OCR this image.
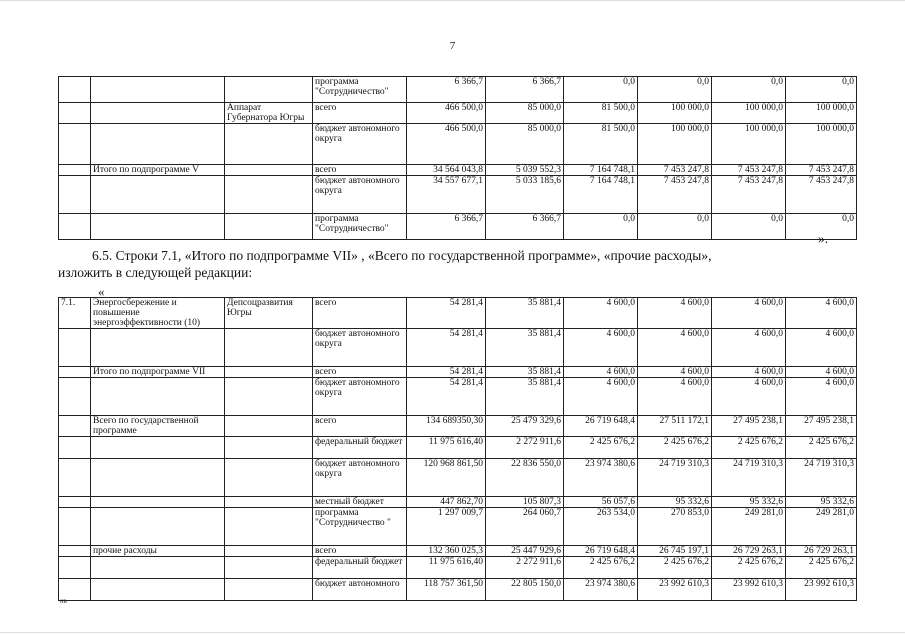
7
			программа "Сотрудничество"	6 366,7	6 366,7	0,0	0,0	0,0	0,0
		Аппарат Губернатора Югры	всего	466 500,0	85 000,0	81 500,0	100 000,0	100 000,0	100 000,0
			бюджет автономного округа	466 500,0	85 000,0	81 500,0	100 000,0	100 000,0	100 000,0
	Итого по подпрограмме V		всего	34 564 043,8	5 039 552,3	7 164 748,1	7 453 247,8	7 453 247,8	7 453 247,8
			бюджет автономного округа	34 557 677,1	5 033 185,6	7 164 748,1	7 453 247,8	7 453 247,8	7 453 247,8
			программа "Сотрудничество"	6 366,7	6 366,7	0,0	0,0	0,0	0,0
».
6.5. Строки 7.1, «Итого по подпрограмме VII» , «Всего по государственной программе», «прочие расходы»,
изложить в следующей редакции:
«
7.1.	Энергосбережение и повышение энергоэффективности (10)	Депсоцразвития Югры	всего	54 281,4	35 881,4	4 600,0	4 600,0	4 600,0	4 600,0
			бюджет автономного округа	54 281,4	35 881,4	4 600,0	4 600,0	4 600,0	4 600,0
	Итого по подпрограмме VII		всего	54 281,4	35 881,4	4 600,0	4 600,0	4 600,0	4 600,0
			бюджет автономного округа	54 281,4	35 881,4	4 600,0	4 600,0	4 600,0	4 600,0
	Всего по государственной программе		всего	134 689350,30	25 479 329,6	26 719 648,4	27 511 172,1	27 495 238,1	27 495 238,1
			федеральный бюджет	11 975 616,40	2 272 911,6	2 425 676,2	2 425 676,2	2 425 676,2	2 425 676,2
			бюджет автономного округа	120 968 861,50	22 836 550,0	23 974 380,6	24 719 310,3	24 719 310,3	24 719 310,3
			местный бюджет	447 862,70	105 807,3	56 057,6	95 332,6	95 332,6	95 332,6
			программа "Сотрудничество "	1 297 009,7	264 060,7	263 534,0	270 853,0	249 281,0	249 281,0
	прочие расходы		всего	132 360 025,3	25 447 929,6	26 719 648,4	26 745 197,1	26 729 263,1	26 729 263,1
			федеральный бюджет	11 975 616,40	2 272 911,6	2 425 676,2	2 425 676,2	2 425 676,2	2 425 676,2
			бюджет автономного	118 757 361,50	22 805 150,0	23 974 380,6	23 992 610,3	23 992 610,3	23 992 610,3
HB
